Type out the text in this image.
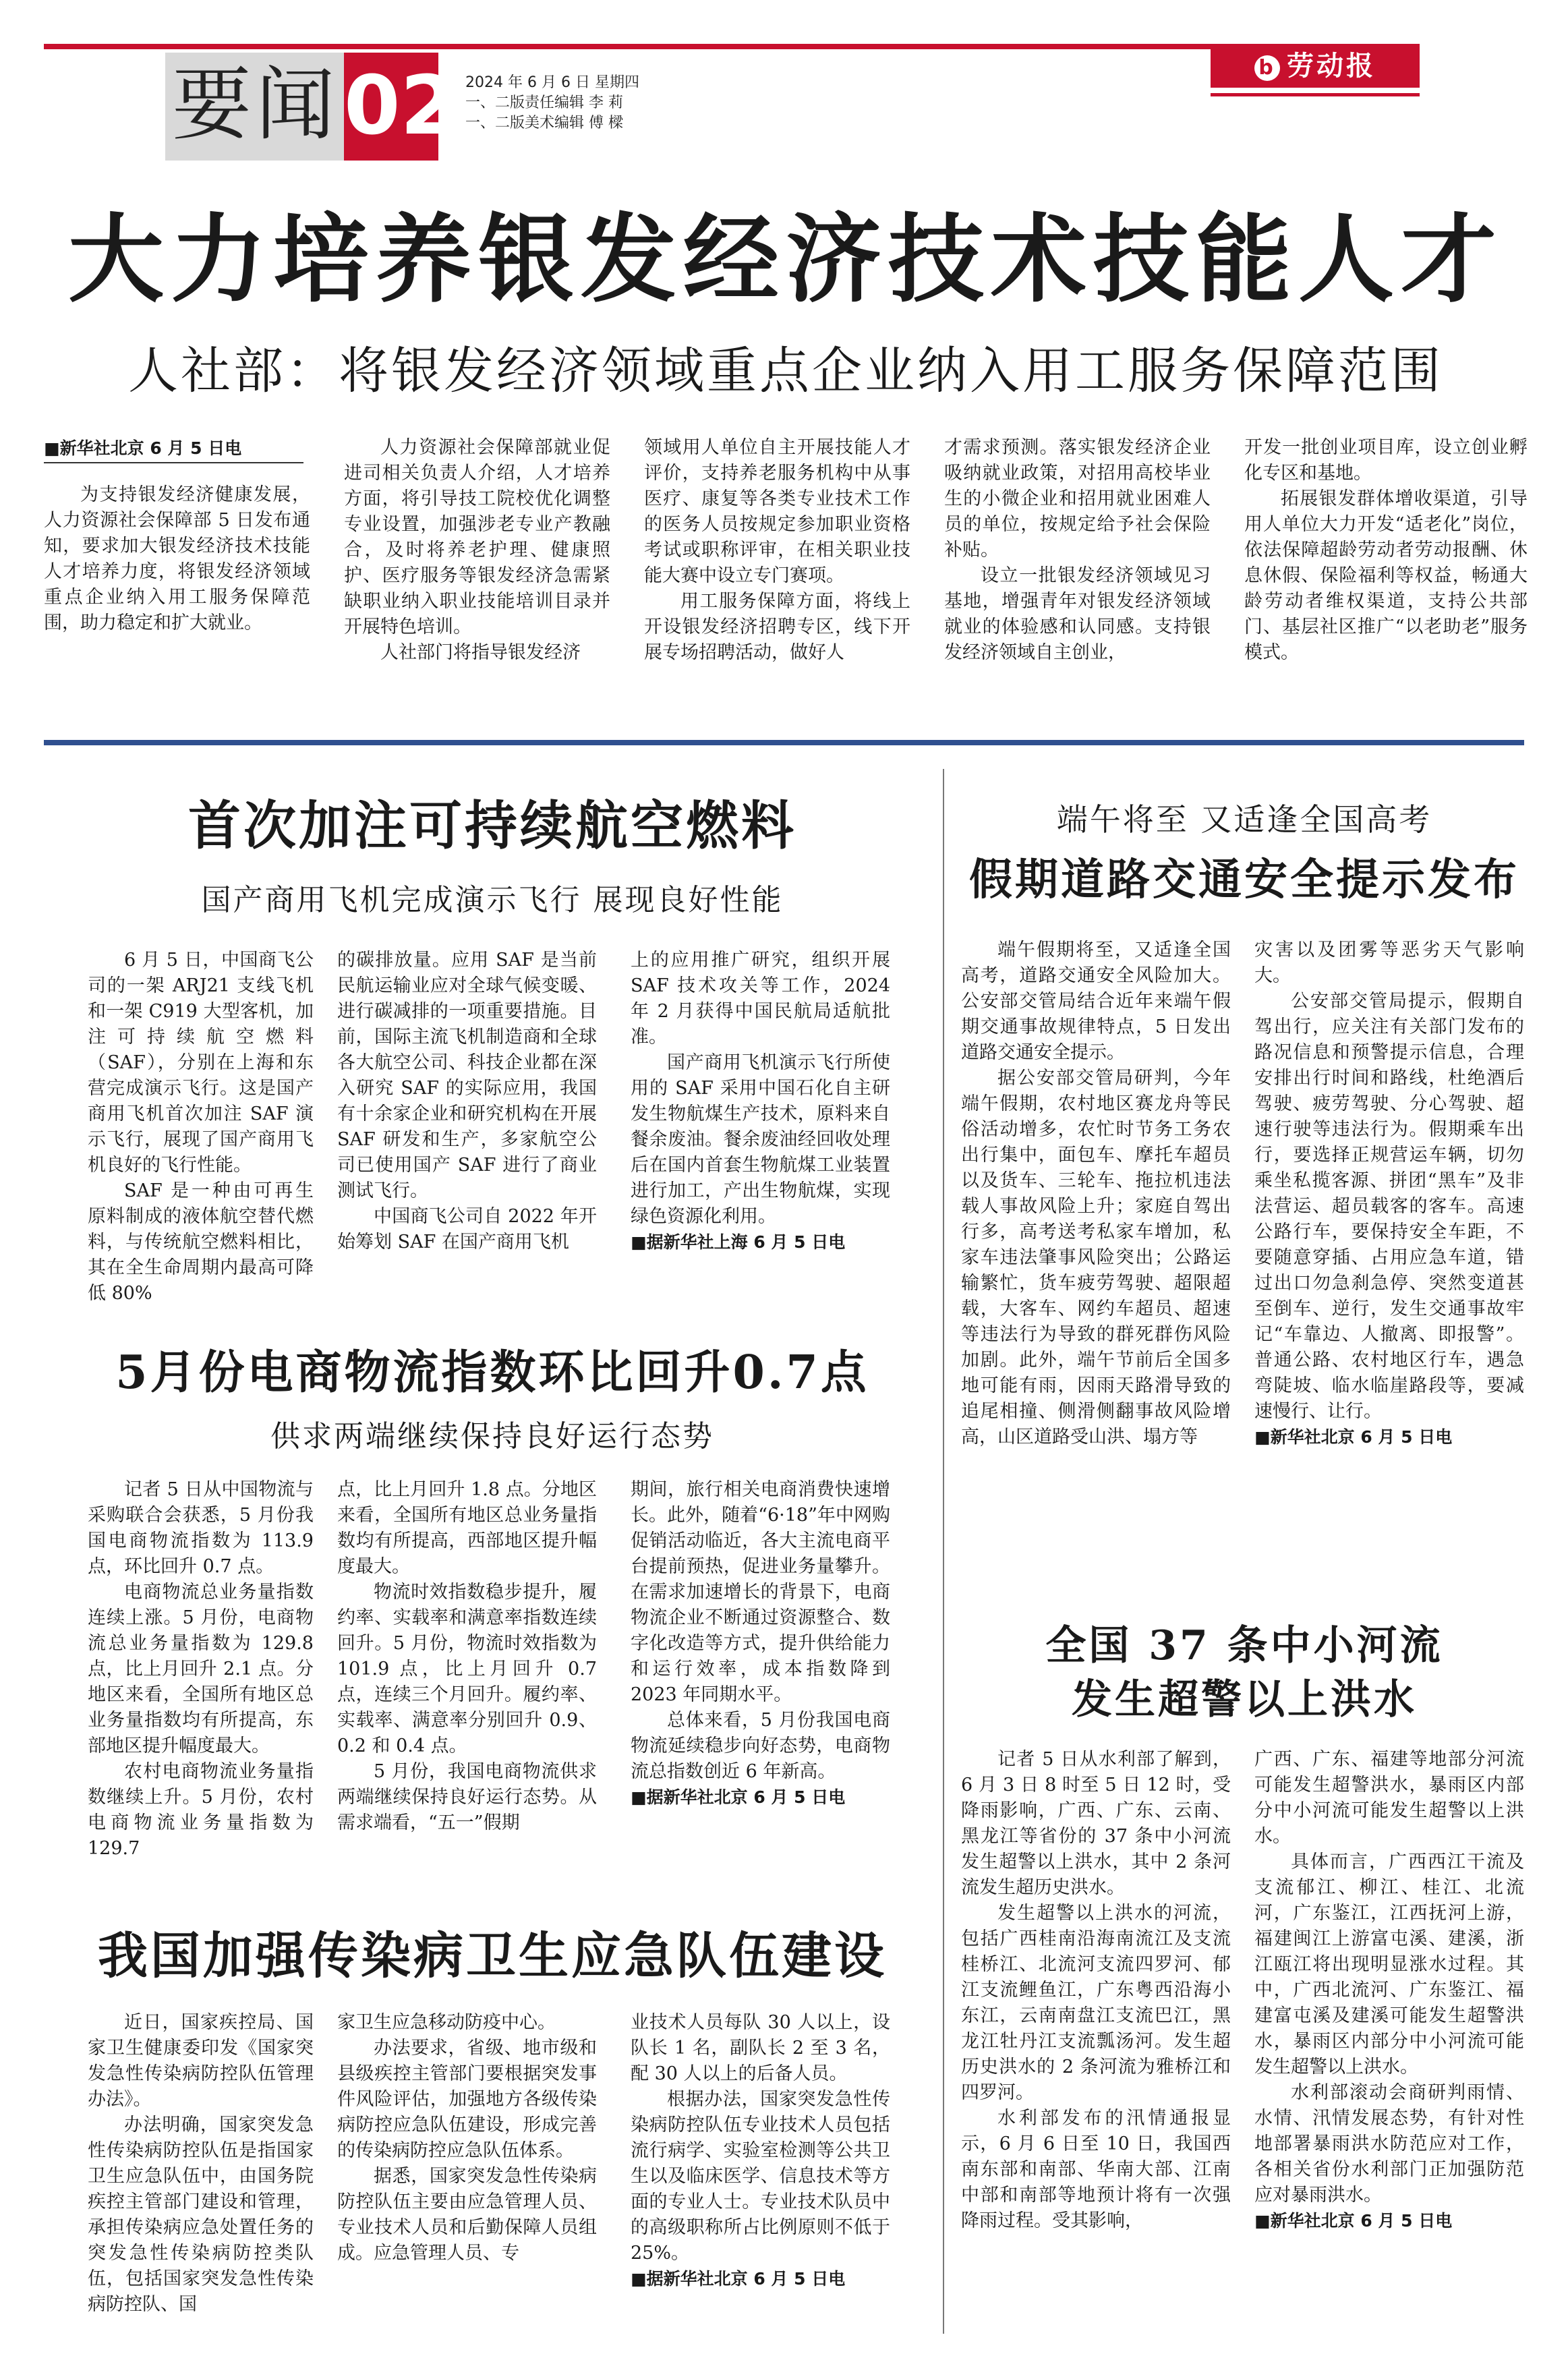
要闻 02 2024 年 6 月 6 日 星期四
一、二版责任编辑 李 莉
一、二版美术编辑 傅 樑
b 劳动报
大力培养银发经济技术技能人才
人社部：将银发经济领域重点企业纳入用工服务保障范围
■新华社北京 6 月 5 日电

为支持银发经济健康发展，人力资源社会保障部 5 日发布通知，要求加大银发经济技术技能人才培养力度，将银发经济领域重点企业纳入用工服务保障范围，助力稳定和扩大就业。

人力资源社会保障部就业促进司相关负责人介绍，人才培养方面，将引导技工院校优化调整专业设置，加强涉老专业产教融合，及时将养老护理、健康照护、医疗服务等银发经济急需紧缺职业纳入职业技能培训目录并开展特色培训。

人社部门将指导银发经济

领域用人单位自主开展技能人才评价，支持养老服务机构中从事医疗、康复等各类专业技术工作的医务人员按规定参加职业资格考试或职称评审，在相关职业技能大赛中设立专门赛项。

用工服务保障方面，将线上开设银发经济招聘专区，线下开展专场招聘活动，做好人

才需求预测。落实银发经济企业吸纳就业政策，对招用高校毕业生的小微企业和招用就业困难人员的单位，按规定给予社会保险补贴。

设立一批银发经济领域见习基地，增强青年对银发经济领域就业的体验感和认同感。支持银发经济领域自主创业，

开发一批创业项目库，设立创业孵化专区和基地。

拓展银发群体增收渠道，引导用人单位大力开发“适老化”岗位，依法保障超龄劳动者劳动报酬、休息休假、保险福利等权益，畅通大龄劳动者维权渠道，支持公共部门、基层社区推广“以老助老”服务模式。

首次加注可持续航空燃料
国产商用飞机完成演示飞行 展现良好性能

6 月 5 日，中国商飞公司的一架 ARJ21 支线飞机和一架 C919 大型客机，加注可持续航空燃料（SAF），分别在上海和东营完成演示飞行。这是国产商用飞机首次加注 SAF 演示飞行，展现了国产商用飞机良好的飞行性能。

SAF 是一种由可再生原料制成的液体航空替代燃料，与传统航空燃料相比，其在全生命周期内最高可降低 80%

的碳排放量。应用 SAF 是当前民航运输业应对全球气候变暖、进行碳减排的一项重要措施。目前，国际主流飞机制造商和全球各大航空公司、科技企业都在深入研究 SAF 的实际应用，我国有十余家企业和研究机构在开展 SAF 研发和生产，多家航空公司已使用国产 SAF 进行了商业测试飞行。

中国商飞公司自 2022 年开始筹划 SAF 在国产商用飞机

上的应用推广研究，组织开展 SAF 技术攻关等工作，2024 年 2 月获得中国民航局适航批准。

国产商用飞机演示飞行所使用的 SAF 采用中国石化自主研发生物航煤生产技术，原料来自餐余废油。餐余废油经回收处理后在国内首套生物航煤工业装置进行加工，产出生物航煤，实现绿色资源化利用。

■据新华社上海 6 月 5 日电
5月份电商物流指数环比回升0.7点
供求两端继续保持良好运行态势

记者 5 日从中国物流与采购联合会获悉，5 月份我国电商物流指数为 113.9 点，环比回升 0.7 点。

电商物流总业务量指数连续上涨。5 月份，电商物流总业务量指数为 129.8 点，比上月回升 2.1 点。分地区来看，全国所有地区总业务量指数均有所提高，东部地区提升幅度最大。

农村电商物流业务量指数继续上升。5 月份，农村电商物流业务量指数为 129.7

点，比上月回升 1.8 点。分地区来看，全国所有地区总业务量指数均有所提高，西部地区提升幅度最大。

物流时效指数稳步提升，履约率、实载率和满意率指数连续回升。5 月份，物流时效指数为 101.9 点，比上月回升 0.7 点，连续三个月回升。履约率、实载率、满意率分别回升 0.9、0.2 和 0.4 点。

5 月份，我国电商物流供求两端继续保持良好运行态势。从需求端看，“五一”假期

期间，旅行相关电商消费快速增长。此外，随着“6·18”年中网购促销活动临近，各大主流电商平台提前预热，促进业务量攀升。在需求加速增长的背景下，电商物流企业不断通过资源整合、数字化改造等方式，提升供给能力和运行效率，成本指数降到 2023 年同期水平。

总体来看，5 月份我国电商物流延续稳步向好态势，电商物流总指数创近 6 年新高。

■据新华社北京 6 月 5 日电
我国加强传染病卫生应急队伍建设

近日，国家疾控局、国家卫生健康委印发《国家突发急性传染病防控队伍管理办法》。

办法明确，国家突发急性传染病防控队伍是指国家卫生应急队伍中，由国务院疾控主管部门建设和管理，承担传染病应急处置任务的突发急性传染病防控类队伍，包括国家突发急性传染病防控队、国

家卫生应急移动防疫中心。

办法要求，省级、地市级和县级疾控主管部门要根据突发事件风险评估，加强地方各级传染病防控应急队伍建设，形成完善的传染病防控应急队伍体系。

据悉，国家突发急性传染病防控队伍主要由应急管理人员、专业技术人员和后勤保障人员组成。应急管理人员、专

业技术人员每队 30 人以上，设队长 1 名，副队长 2 至 3 名，配 30 人以上的后备人员。

根据办法，国家突发急性传染病防控队伍专业技术人员包括流行病学、实验室检测等公共卫生以及临床医学、信息技术等方面的专业人士。专业技术队员中的高级职称所占比例原则不低于 25%。

■据新华社北京 6 月 5 日电
端午将至 又适逢全国高考
假期道路交通安全提示发布

端午假期将至，又适逢全国高考，道路交通安全风险加大。公安部交管局结合近年来端午假期交通事故规律特点，5 日发出道路交通安全提示。

据公安部交管局研判，今年端午假期，农村地区赛龙舟等民俗活动增多，农忙时节务工务农出行集中，面包车、摩托车超员以及货车、三轮车、拖拉机违法载人事故风险上升；家庭自驾出行多，高考送考私家车增加，私家车违法肇事风险突出；公路运输繁忙，货车疲劳驾驶、超限超载，大客车、网约车超员、超速等违法行为导致的群死群伤风险加剧。此外，端午节前后全国多地可能有雨，因雨天路滑导致的追尾相撞、侧滑侧翻事故风险增高，山区道路受山洪、塌方等

灾害以及团雾等恶劣天气影响大。

公安部交管局提示，假期自驾出行，应关注有关部门发布的路况信息和预警提示信息，合理安排出行时间和路线，杜绝酒后驾驶、疲劳驾驶、分心驾驶、超速行驶等违法行为。假期乘车出行，要选择正规营运车辆，切勿乘坐私揽客源、拼团“黑车”及非法营运、超员载客的客车。高速公路行车，要保持安全车距，不要随意穿插、占用应急车道，错过出口勿急刹急停、突然变道甚至倒车、逆行，发生交通事故牢记“车靠边、人撤离、即报警”。普通公路、农村地区行车，遇急弯陡坡、临水临崖路段等，要减速慢行、让行。

■新华社北京 6 月 5 日电
全国 37 条中小河流
发生超警以上洪水

记者 5 日从水利部了解到，6 月 3 日 8 时至 5 日 12 时，受降雨影响，广西、广东、云南、黑龙江等省份的 37 条中小河流发生超警以上洪水，其中 2 条河流发生超历史洪水。

发生超警以上洪水的河流，包括广西桂南沿海南流江及支流桂桥江、北流河支流四罗河、郁江支流鲤鱼江，广东粤西沿海小东江，云南南盘江支流巴江，黑龙江牡丹江支流瓢汤河。发生超历史洪水的 2 条河流为雅桥江和四罗河。

水利部发布的汛情通报显示，6 月 6 日至 10 日，我国西南东部和南部、华南大部、江南中部和南部等地预计将有一次强降雨过程。受其影响，

广西、广东、福建等地部分河流可能发生超警洪水，暴雨区内部分中小河流可能发生超警以上洪水。

具体而言，广西西江干流及支流郁江、柳江、桂江、北流河，广东鉴江，江西抚河上游，福建闽江上游富屯溪、建溪，浙江瓯江将出现明显涨水过程。其中，广西北流河、广东鉴江、福建富屯溪及建溪可能发生超警洪水，暴雨区内部分中小河流可能发生超警以上洪水。

水利部滚动会商研判雨情、水情、汛情发展态势，有针对性地部署暴雨洪水防范应对工作，各相关省份水利部门正加强防范应对暴雨洪水。

■新华社北京 6 月 5 日电
